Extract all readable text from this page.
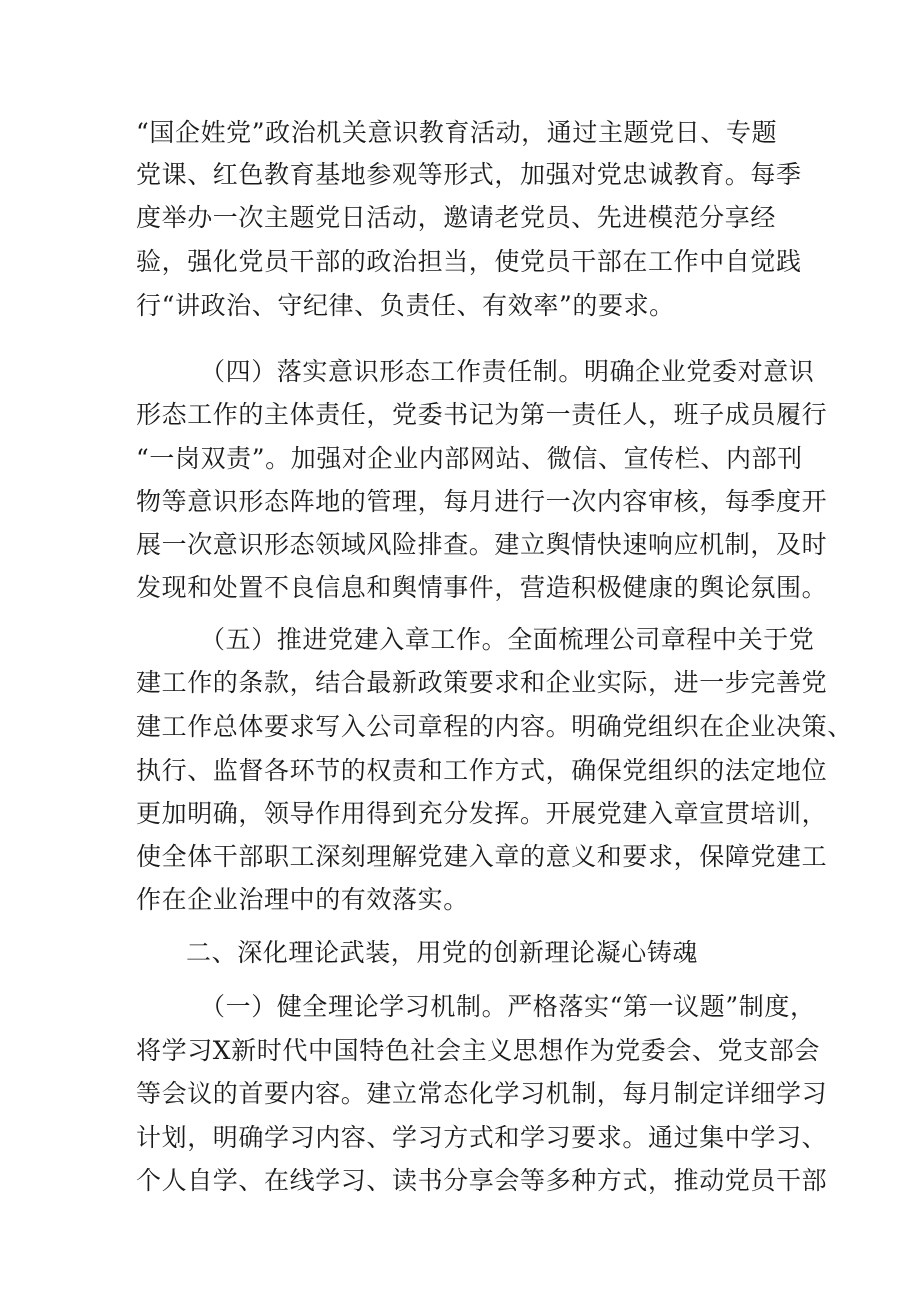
“国企姓党”政治机关意识教育活动，通过主题党日、专题
党课、红色教育基地参观等形式，加强对党忠诚教育。每季
度举办一次主题党日活动，邀请老党员、先进模范分享经
验，强化党员干部的政治担当，使党员干部在工作中自觉践
行“讲政治、守纪律、负责任、有效率”的要求。
（四）落实意识形态工作责任制。明确企业党委对意识
形态工作的主体责任，党委书记为第一责任人，班子成员履行
“一岗双责”。加强对企业内部网站、微信、宣传栏、内部刊
物等意识形态阵地的管理，每月进行一次内容审核，每季度开
展一次意识形态领域风险排查。建立舆情快速响应机制，及时
发现和处置不良信息和舆情事件，营造积极健康的舆论氛围。
（五）推进党建入章工作。全面梳理公司章程中关于党
建工作的条款，结合最新政策要求和企业实际，进一步完善党
建工作总体要求写入公司章程的内容。明确党组织在企业决策、
执行、监督各环节的权责和工作方式，确保党组织的法定地位
更加明确，领导作用得到充分发挥。开展党建入章宣贯培训，
使全体干部职工深刻理解党建入章的意义和要求，保障党建工
作在企业治理中的有效落实。
二、深化理论武装，用党的创新理论凝心铸魂
（一）健全理论学习机制。严格落实“第一议题”制度，
将学习X新时代中国特色社会主义思想作为党委会、党支部会
等会议的首要内容。建立常态化学习机制，每月制定详细学习
计划，明确学习内容、学习方式和学习要求。通过集中学习、
个人自学、在线学习、读书分享会等多种方式，推动党员干部
